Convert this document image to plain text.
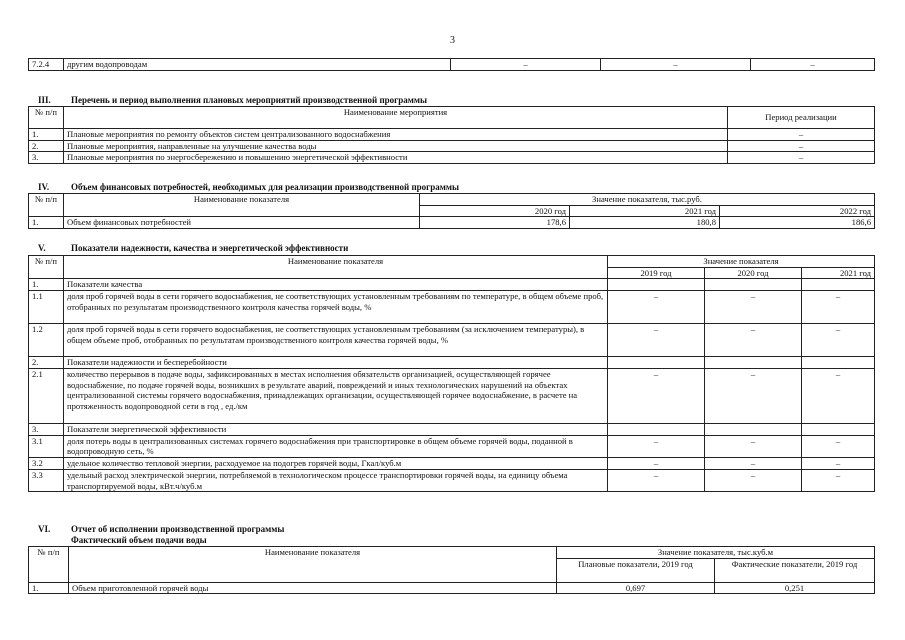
3
7.2.4	другим водопроводам	–	–	–
III. Перечень и период выполнения плановых мероприятий производственной программы
№ п/п	Наименование мероприятия	Период реализации
1.	Плановые мероприятия по ремонту объектов систем централизованного водоснабжения	–
2.	Плановые мероприятия, направленные на улучшение качества воды	–
3.	Плановые мероприятия по энергосбережению и повышению энергетической эффективности	–
IV. Объем финансовых потребностей, необходимых для реализации производственной программы
№ п/п	Наименование показателя	Значение показателя, тыс.руб.		
		2020 год	2021 год	2022 год
1.	Объем финансовых потребностей	178,6	180,8	186,6
V.	Показатели надежности, качества и энергетической эффективности
№ п/п	Наименование показателя	Значение показателя		
		2019 год	2020 год	2021 год
1.	Показатели качества			
1.1	доля проб горячей воды в сети горячего водоснабжения, не соответствующих установленным требованиям по температуре, в общем объеме проб, отобранных по результатам производственного контроля качества горячей воды, %	–	–	–
1.2	доля проб горячей воды в сети горячего водоснабжения, не соответствующих установленным требованиям (за исключением температуры), в общем объеме проб, отобранных по результатам производственного контроля качества горячей воды, %	–	–	–
2.	Показатели надежности и бесперебойности			
2.1	количество перерывов в подаче воды, зафиксированных в местах исполнения обязательств организацией, осуществляющей горячее водоснабжение, по подаче горячей воды, возникших в результате аварий, повреждений и иных технологических нарушений на объектах централизованной системы горячего водоснабжения, принадлежащих организации, осуществляющей горячее водоснабжение, в расчете на протяженность водопроводной сети в год , ед./км	–	–	–
3.	Показатели энергетической эффективности			
3.1	доля потерь воды в централизованных системах горячего водоснабжения при транспортировке в общем объеме горячей воды, поданной в водопроводную сеть, %	–	–	–
3.2	удельное количество тепловой энергии, расходуемое на подогрев горячей воды, Гкал/куб.м	–	–	–
3.3	удельный расход электрической энергии, потребляемой в технологическом процессе транспортировки горячей воды, на единицу объема транспортируемой воды, кВт.ч/куб.м	–	–	–
VI. Отчет об исполнении производственной программы
Фактический объем подачи воды
№ п/п	Наименование показателя	Значение показателя, тыс.куб.м	
		Плановые показатели, 2019 год	Фактические показатели, 2019 год
1.	Объем приготовленной горячей воды	0,697	0,251
